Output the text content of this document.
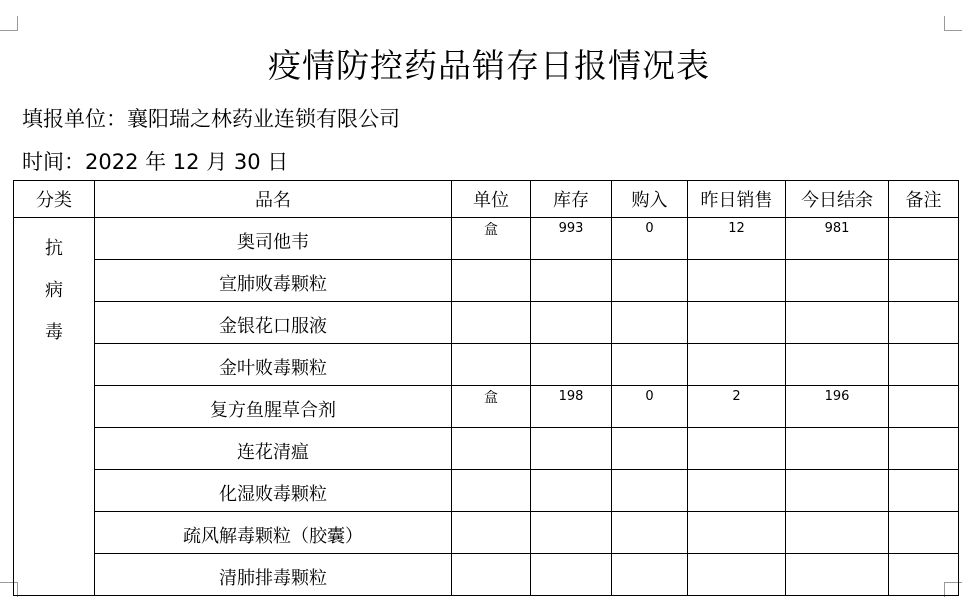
疫情防控药品销存日报情况表
填报单位：襄阳瑞之林药业连锁有限公司
时间：2022 年 12 月 30 日
分类	品名	单位	库存	购入	昨日销售	今日结余	备注

抗
病
毒	奥司他韦	盒	993	0	12	981	
	宣肺败毒颗粒						
	金银花口服液						
	金叶败毒颗粒						
	复方鱼腥草合剂	盒	198	0	2	196	
	连花清瘟						
	化湿败毒颗粒						
	疏风解毒颗粒（胶囊）						
	清肺排毒颗粒						
